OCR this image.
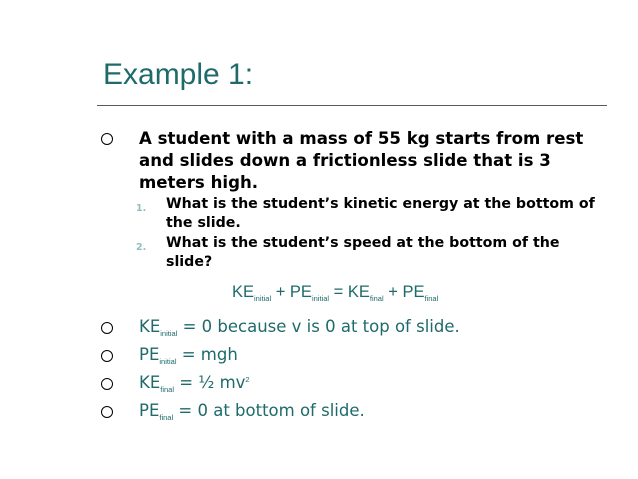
Example 1:
A student with a mass of 55 kg starts from rest and slides down a frictionless slide that is 3 meters high.
1. What is the student’s kinetic energy at the bottom of the slide.
2. What is the student’s speed at the bottom of the slide?
$KE_{initial} + PE_{initial} = KE_{final} + PE_{final}$
$KE_{initial} = 0$ because v is 0 at top of slide.
$PE_{initial}$ = mgh
$KE_{final}$ = ½ $mv^2$
$PE_{final} = 0$ at bottom of slide.
